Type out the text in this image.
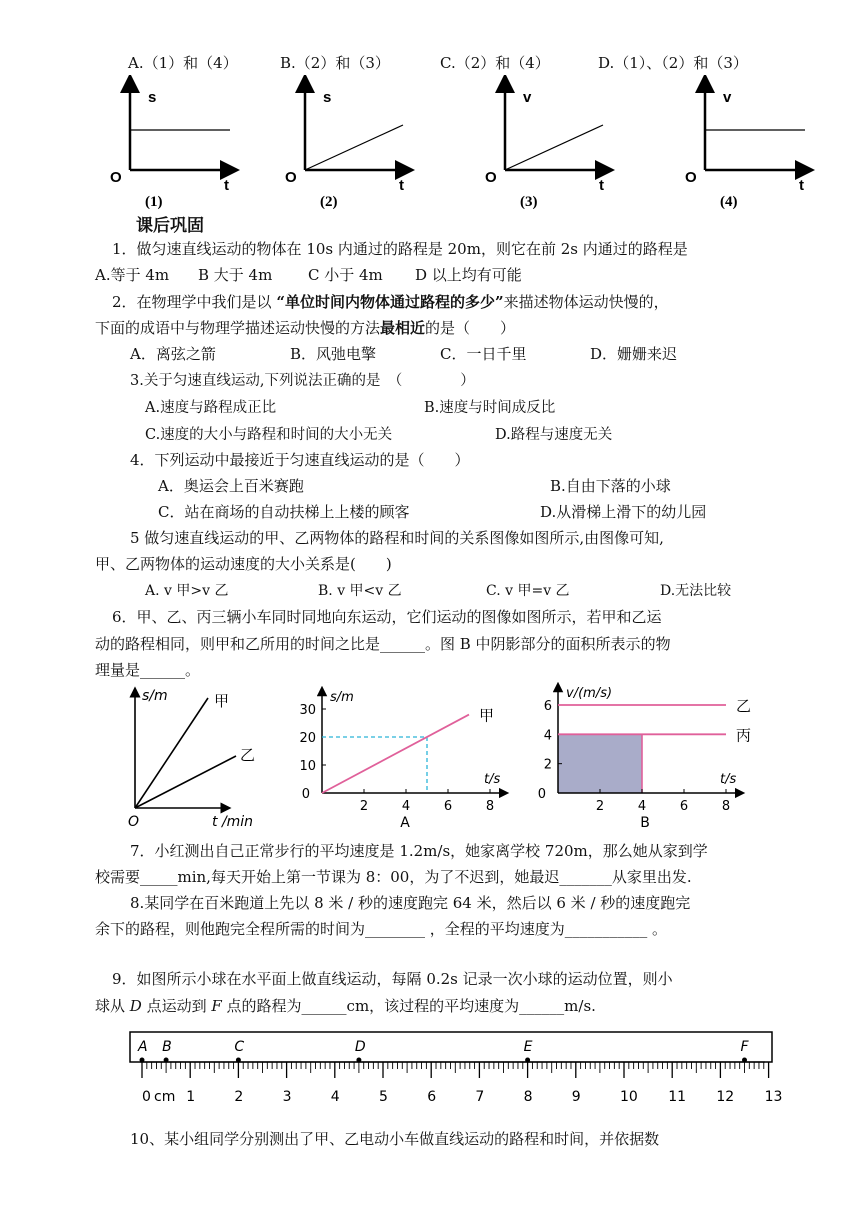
A.（1）和（4）	B.（2）和（3）	C.（2）和（4）	D.（1）、（2）和（3）
s
O	t
(1)
s
O	t
(2)
v
O	t
(3)
v
O	t
(4)
课后巩固
1．做匀速直线运动的物体在 10s 内通过的路程是 20m，则它在前 2s 内通过的路程是
A.等于 4m B 大于 4m C 小于 4m D 以上均有可能
2．在物理学中我们是以 “单位时间内物体通过路程的多少”来描述物体运动快慢的，
下面的成语中与物理学描述运动快慢的方法最相近的是（　　）
A．离弦之箭	B．风弛电擎	C．一日千里	D．姗姗来迟
3.关于匀速直线运动,下列说法正确的是　（　　　　）
A.速度与路程成正比	B.速度与时间成反比
C.速度的大小与路程和时间的大小无关	D.路程与速度无关
4．下列运动中最接近于匀速直线运动的是（　　）
A．奥运会上百米赛跑	B.自由下落的小球
C．站在商场的自动扶梯上上楼的顾客	D.从滑梯上滑下的幼儿园
5 做匀速直线运动的甲、乙两物体的路程和时间的关系图像如图所示,由图像可知,
甲、乙两物体的运动速度的大小关系是(　　)
A. v 甲>v 乙	B. v 甲<v 乙	C. v 甲=v 乙	D.无法比较
6．甲、乙、丙三辆小车同时同地向东运动，它们运动的图像如图所示，若甲和乙运
动的路程相同，则甲和乙所用的时间之比是______。图 B 中阴影部分的面积所表示的物
理量是______。
s/m
t /min
O
甲
乙
2	4	6	8
10
20
30
0
甲
s/m
t/s
A
2	4	6	8
2
4
6
0
乙
丙
v/(m/s)
t/s
B
7．小红测出自己正常步行的平均速度是 1.2m/s，她家离学校 720m，那么她从家到学
校需要_____min,每天开始上第一节课为 8：00，为了不迟到，她最迟_______从家里出发.
8.某同学在百米跑道上先以 8 米 / 秒的速度跑完 64 米，然后以 6 米 / 秒的速度跑完
余下的路程，则他跑完全程所需的时间为________ ，全程的平均速度为___________ 。
9．如图所示小球在水平面上做直线运动，每隔 0.2s 记录一次小球的运动位置，则小
球从 D 点运动到 F 点的路程为______cm，该过程的平均速度为______m/s.
0	1	2	3	4	5	6	7	8	9	10 11 12 13
cm
A B	C	D	E	F
10、某小组同学分别测出了甲、乙电动小车做直线运动的路程和时间，并依据数
